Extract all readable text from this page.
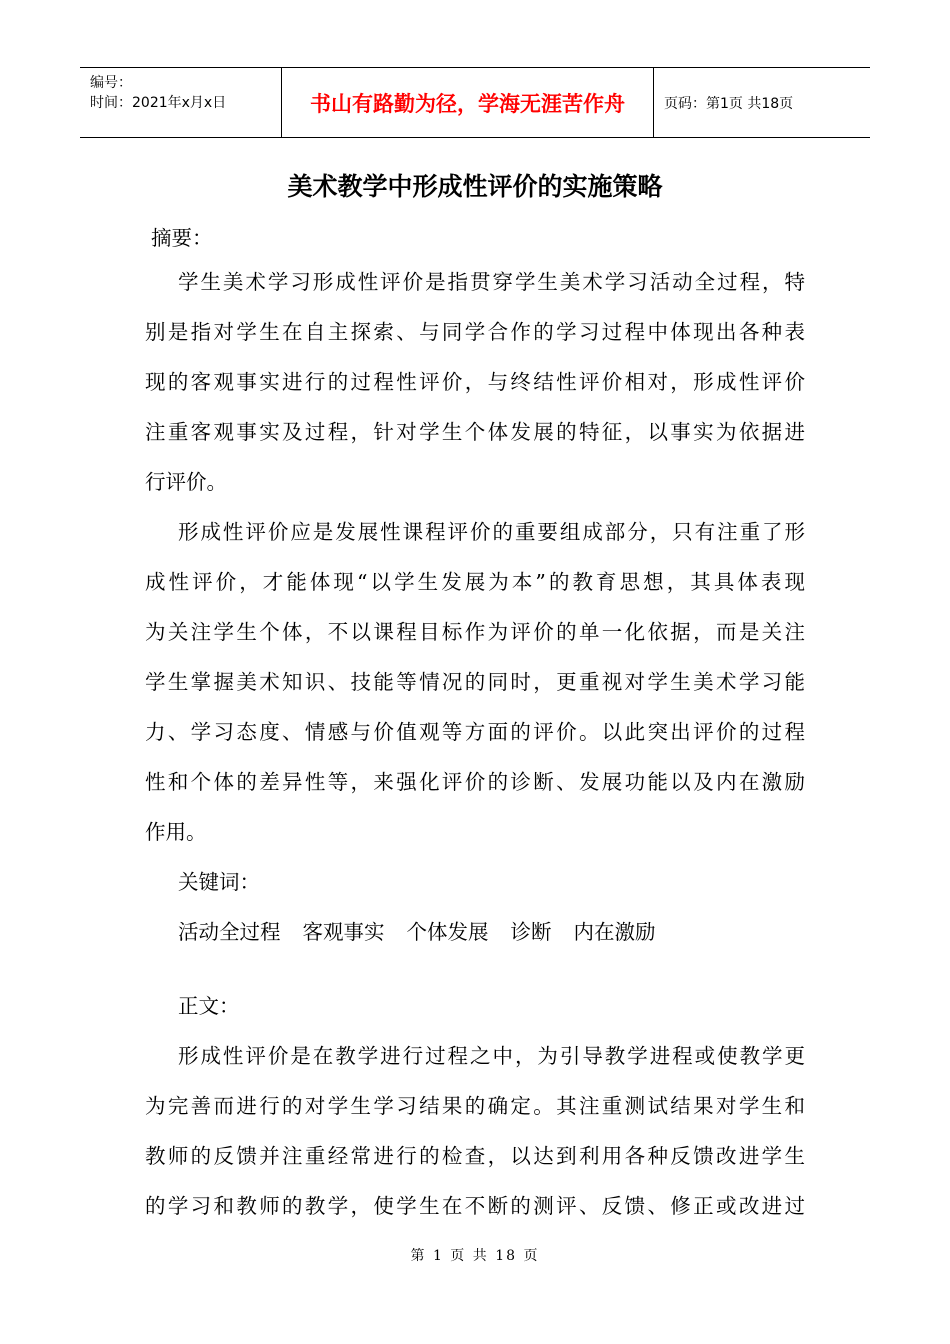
编号：
时间：2021年x月x日	书山有路勤为径，学海无涯苦作舟	页码：第1页 共18页
美术教学中形成性评价的实施策略
摘要：
学生美术学习形成性评价是指贯穿学生美术学习活动全过程，特
别是指对学生在自主探索、与同学合作的学习过程中体现出各种表
现的客观事实进行的过程性评价，与终结性评价相对，形成性评价
注重客观事实及过程，针对学生个体发展的特征，以事实为依据进
行评价。
形成性评价应是发展性课程评价的重要组成部分，只有注重了形
成性评价，才能体现“以学生发展为本”的教育思想，其具体表现
为关注学生个体，不以课程目标作为评价的单一化依据，而是关注
学生掌握美术知识、技能等情况的同时，更重视对学生美术学习能
力、学习态度、情感与价值观等方面的评价。以此突出评价的过程
性和个体的差异性等，来强化评价的诊断、发展功能以及内在激励
作用。
关键词：
活动全过程 客观事实 个体发展 诊断 内在激励
正文：
形成性评价是在教学进行过程之中，为引导教学进程或使教学更
为完善而进行的对学生学习结果的确定。其注重测试结果对学生和
教师的反馈并注重经常进行的检查，以达到利用各种反馈改进学生
的学习和教师的教学，使学生在不断的测评、反馈、修正或改进过
第 1 页 共 18 页
